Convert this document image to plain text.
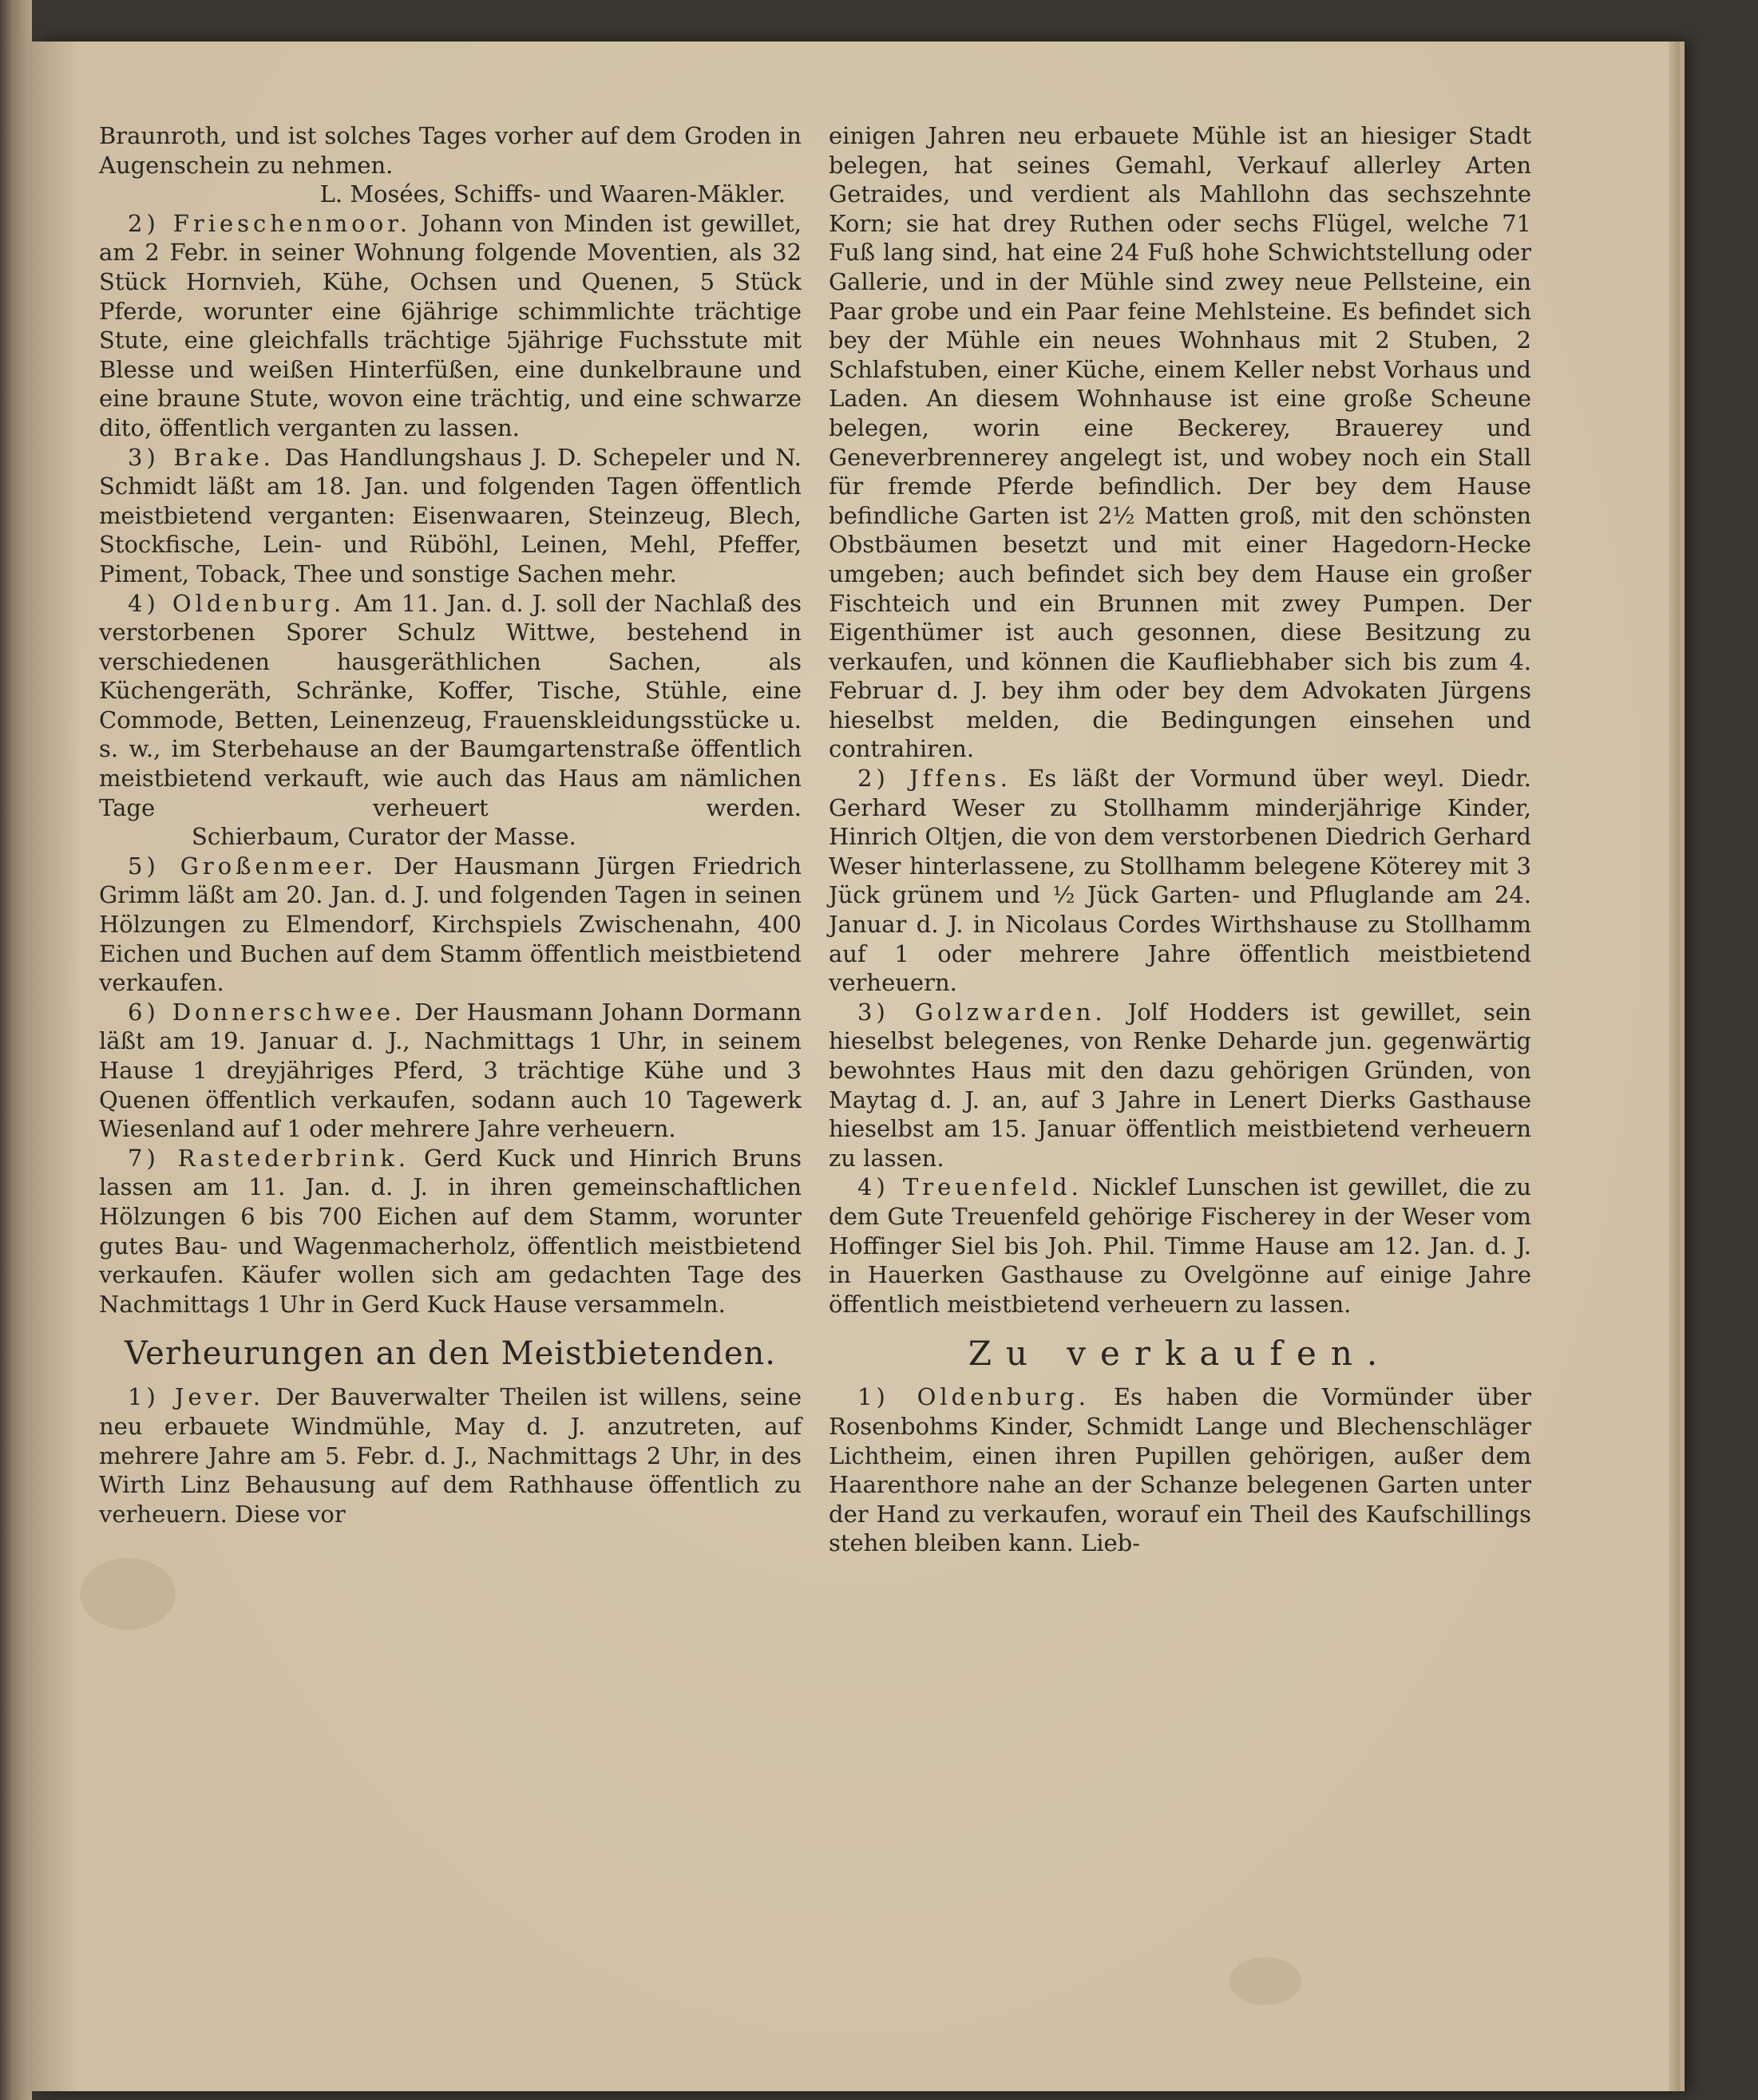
Braunroth, und ist solches Tages vorher auf dem Groden in Augenschein zu nehmen.

L. Mosées, Schiffs- und Waaren-Mäkler.

2) Frieschenmoor. Johann von Minden ist gewillet, am 2 Febr. in seiner Wohnung folgende Moventien, als 32 Stück Hornvieh, Kühe, Ochsen und Quenen, 5 Stück Pferde, worunter eine 6jährige schimmlichte trächtige Stute, eine gleichfalls trächtige 5jährige Fuchsstute mit Blesse und weißen Hinterfüßen, eine dunkelbraune und eine braune Stute, wovon eine trächtig, und eine schwarze dito, öffentlich verganten zu lassen.

3) Brake. Das Handlungshaus J. D. Schepeler und N. Schmidt läßt am 18. Jan. und folgenden Tagen öffentlich meistbietend verganten: Eisenwaaren, Steinzeug, Blech, Stockfische, Lein- und Rüböhl, Leinen, Mehl, Pfeffer, Piment, Toback, Thee und sonstige Sachen mehr.

4) Oldenburg. Am 11. Jan. d. J. soll der Nachlaß des verstorbenen Sporer Schulz Wittwe, bestehend in verschiedenen hausgeräthlichen Sachen, als Küchengeräth, Schränke, Koffer, Tische, Stühle, eine Commode, Betten, Leinenzeug, Frauenskleidungsstücke u. s. w., im Sterbehause an der Baumgartenstraße öffentlich meistbietend verkauft, wie auch das Haus am nämlichen Tage verheuert werden.Schierbaum, Curator der Masse.

5) Großenmeer. Der Hausmann Jürgen Friedrich Grimm läßt am 20. Jan. d. J. und folgenden Tagen in seinen Hölzungen zu Elmendorf, Kirchspiels Zwischenahn, 400 Eichen und Buchen auf dem Stamm öffentlich meistbietend verkaufen.

6) Donnerschwee. Der Hausmann Johann Dormann läßt am 19. Januar d. J., Nachmittags 1 Uhr, in seinem Hause 1 dreyjähriges Pferd, 3 trächtige Kühe und 3 Quenen öffentlich verkaufen, sodann auch 10 Tagewerk Wiesenland auf 1 oder mehrere Jahre verheuern.

7) Rastederbrink. Gerd Kuck und Hinrich Bruns lassen am 11. Jan. d. J. in ihren gemeinschaftlichen Hölzungen 6 bis 700 Eichen auf dem Stamm, worunter gutes Bau- und Wagenmacherholz, öffentlich meistbietend verkaufen. Käufer wollen sich am gedachten Tage des Nachmittags 1 Uhr in Gerd Kuck Hause versammeln.

Verheurungen an den Meistbietenden.

1) Jever. Der Bauverwalter Theilen ist willens, seine neu erbauete Windmühle, May d. J. anzutreten, auf mehrere Jahre am 5. Febr. d. J., Nachmittags 2 Uhr, in des Wirth Linz Behausung auf dem Rathhause öffentlich zu verheuern. Diese vor

einigen Jahren neu erbauete Mühle ist an hiesiger Stadt belegen, hat seines Gemahl, Verkauf allerley Arten Getraides, und verdient als Mahllohn das sechszehnte Korn; sie hat drey Ruthen oder sechs Flügel, welche 71 Fuß lang sind, hat eine 24 Fuß hohe Schwichtstellung oder Gallerie, und in der Mühle sind zwey neue Pellsteine, ein Paar grobe und ein Paar feine Mehlsteine. Es befindet sich bey der Mühle ein neues Wohnhaus mit 2 Stuben, 2 Schlafstuben, einer Küche, einem Keller nebst Vorhaus und Laden. An diesem Wohnhause ist eine große Scheune belegen, worin eine Beckerey, Brauerey und Geneverbrennerey angelegt ist, und wobey noch ein Stall für fremde Pferde befindlich. Der bey dem Hause befindliche Garten ist 2½ Matten groß, mit den schönsten Obstbäumen besetzt und mit einer Hagedorn-Hecke umgeben; auch befindet sich bey dem Hause ein großer Fischteich und ein Brunnen mit zwey Pumpen. Der Eigenthümer ist auch gesonnen, diese Besitzung zu verkaufen, und können die Kaufliebhaber sich bis zum 4. Februar d. J. bey ihm oder bey dem Advokaten Jürgens hieselbst melden, die Bedingungen einsehen und contrahiren.

2) Jffens. Es läßt der Vormund über weyl. Diedr. Gerhard Weser zu Stollhamm minderjährige Kinder, Hinrich Oltjen, die von dem verstorbenen Diedrich Gerhard Weser hinterlassene, zu Stollhamm belegene Köterey mit 3 Jück grünem und ½ Jück Garten- und Pfluglande am 24. Januar d. J. in Nicolaus Cordes Wirthshause zu Stollhamm auf 1 oder mehrere Jahre öffentlich meistbietend verheuern.

3) Golzwarden. Jolf Hodders ist gewillet, sein hieselbst belegenes, von Renke Deharde jun. gegenwärtig bewohntes Haus mit den dazu gehörigen Gründen, von Maytag d. J. an, auf 3 Jahre in Lenert Dierks Gasthause hieselbst am 15. Januar öffentlich meistbietend verheuern zu lassen.

4) Treuenfeld. Nicklef Lunschen ist gewillet, die zu dem Gute Treuenfeld gehörige Fischerey in der Weser vom Hoffinger Siel bis Joh. Phil. Timme Hause am 12. Jan. d. J. in Hauerken Gasthause zu Ovelgönne auf einige Jahre öffentlich meistbietend verheuern zu lassen.

Zu verkaufen.

1) Oldenburg. Es haben die Vormünder über Rosenbohms Kinder, Schmidt Lange und Blechenschläger Lichtheim, einen ihren Pupillen gehörigen, außer dem Haarenthore nahe an der Schanze belegenen Garten unter der Hand zu verkaufen, worauf ein Theil des Kaufschillings stehen bleiben kann. Lieb-
